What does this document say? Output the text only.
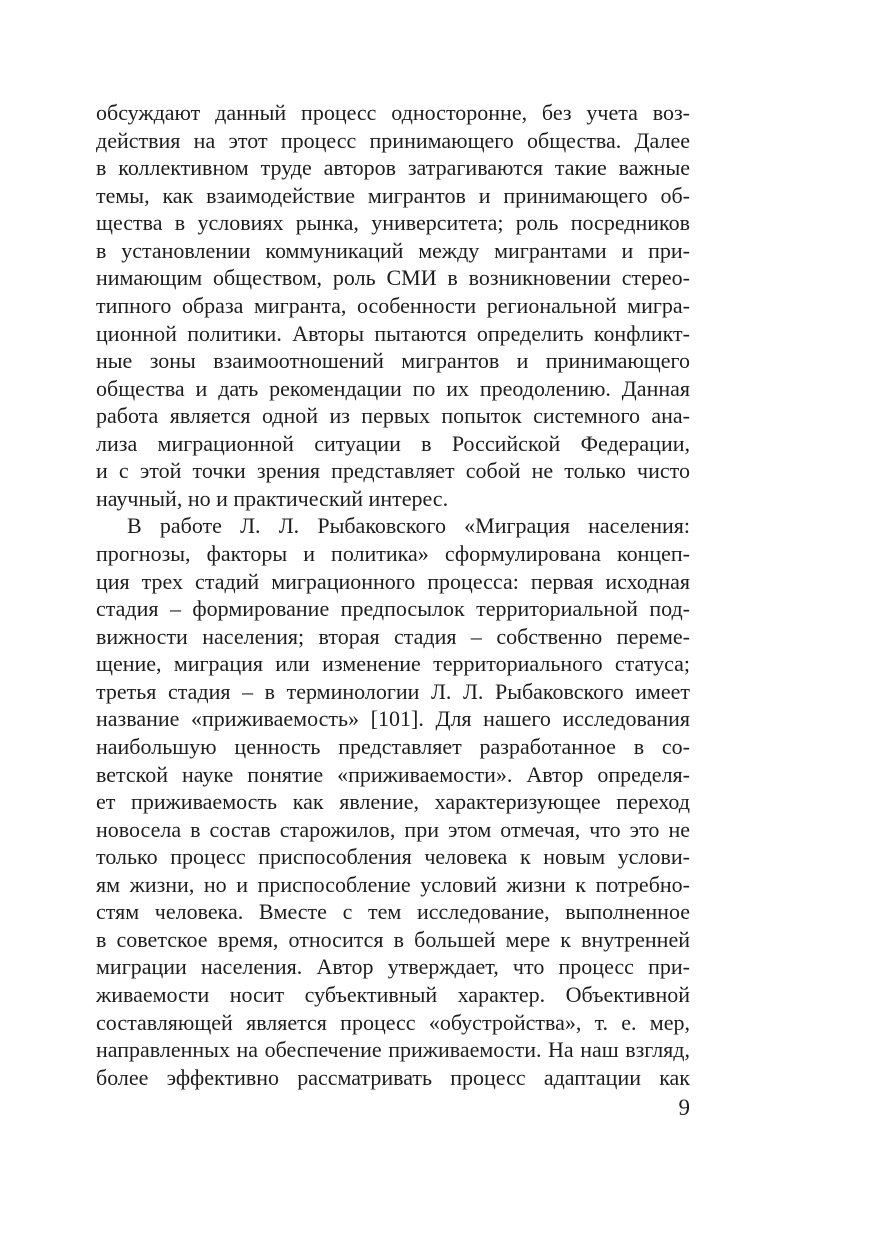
обсуждают данный процесс односторонне, без учета воз-
действия на этот процесс принимающего общества. Далее
в коллективном труде авторов затрагиваются такие важные
темы, как взаимодействие мигрантов и принимающего об-
щества в условиях рынка, университета; роль посредников
в установлении коммуникаций между мигрантами и при-
нимающим обществом, роль СМИ в возникновении стерео-
типного образа мигранта, особенности региональной мигра-
ционной политики. Авторы пытаются определить конфликт-
ные зоны взаимоотношений мигрантов и принимающего
общества и дать рекомендации по их преодолению. Данная
работа является одной из первых попыток системного ана-
лиза миграционной ситуации в Российской Федерации,
и с этой точки зрения представляет собой не только чисто
научный, но и практический интерес.
В работе Л. Л. Рыбаковского «Миграция населения:
прогнозы, факторы и политика» сформулирована концеп-
ция трех стадий миграционного процесса: первая исходная
стадия – формирование предпосылок территориальной под-
вижности населения; вторая стадия – собственно переме-
щение, миграция или изменение территориального статуса;
третья стадия – в терминологии Л. Л. Рыбаковского имеет
название «приживаемость» [101]. Для нашего исследования
наибольшую ценность представляет разработанное в со-
ветской науке понятие «приживаемости». Автор определя-
ет приживаемость как явление, характеризующее переход
новосела в состав старожилов, при этом отмечая, что это не
только процесс приспособления человека к новым услови-
ям жизни, но и приспособление условий жизни к потребно-
стям человека. Вместе с тем исследование, выполненное
в советское время, относится в большей мере к внутренней
миграции населения. Автор утверждает, что процесс при-
живаемости носит субъективный характер. Объективной
составляющей является процесс «обустройства», т. е. мер,
направленных на обеспечение приживаемости. На наш взгляд,
более эффективно рассматривать процесс адаптации как
9
